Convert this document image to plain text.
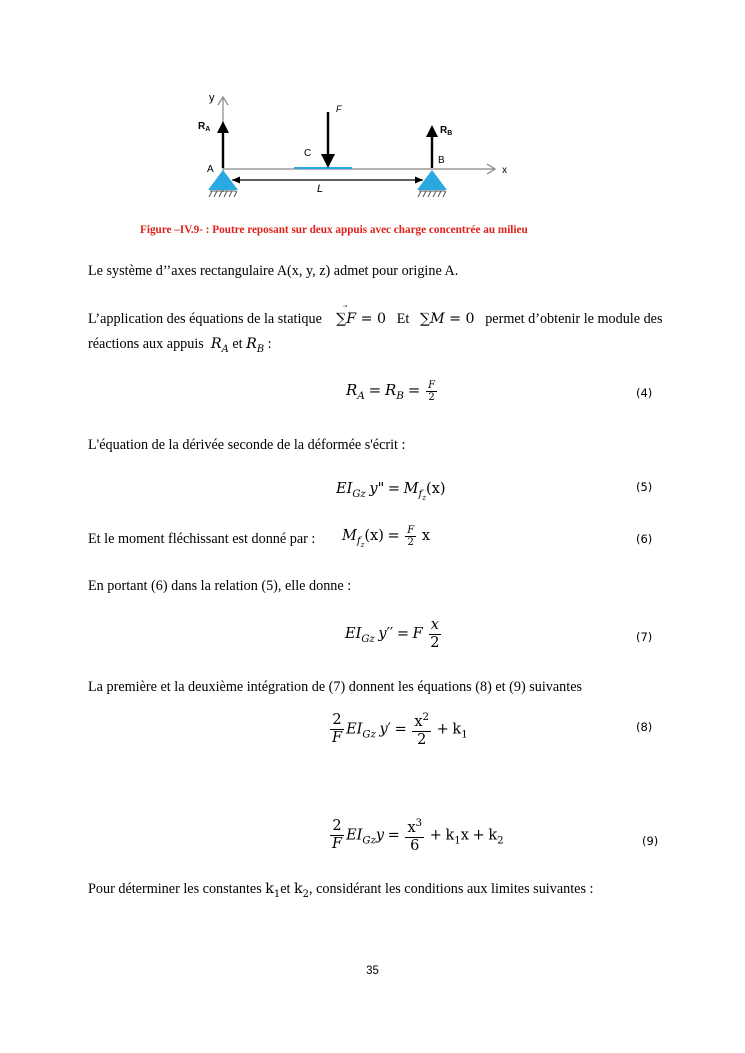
y
x
$R_A$
F
C
$R_B$
A
B
L
Figure –IV.9- : Poutre reposant sur deux appuis avec charge concentrée au milieu
Le système d’’axes rectangulaire A(x, y, z) admet pour origine A.
L’application des équations de la statique ∑F = 0 Et ∑M = 0 permet d’obtenir le module des
réactions aux appuis $R_A$ et $R_B$ :
$R_A = R_B = \frac{F}{2}$	(4)
L'équation de la dérivée seconde de la déformée s'écrit :
$EI_{Gz}$ y" = $M_{f_z}(x)$	(5)
Et le moment fléchissant est donné par : $M_{f_z}(x) = \frac{F}{2}$ x	(6)
En portant (6) dans la relation (5), elle donne :
$EI_{Gz}$ y′′ = F $\frac{x}{2}$	(7)
La première et la deuxième intégration de (7) donnent les équations (8) et (9) suivantes
$\frac{2}{F} EI_{Gz}$ $y' = \frac{x^2}{2} + k_1$
(8)
$\frac{2}{F} EI_{Gz}y = \frac{x^3}{6} + k_1x + k_2$	(9)
Pour déterminer les constantes $k_1et$ $k_2$, considérant les conditions aux limites suivantes :
35
